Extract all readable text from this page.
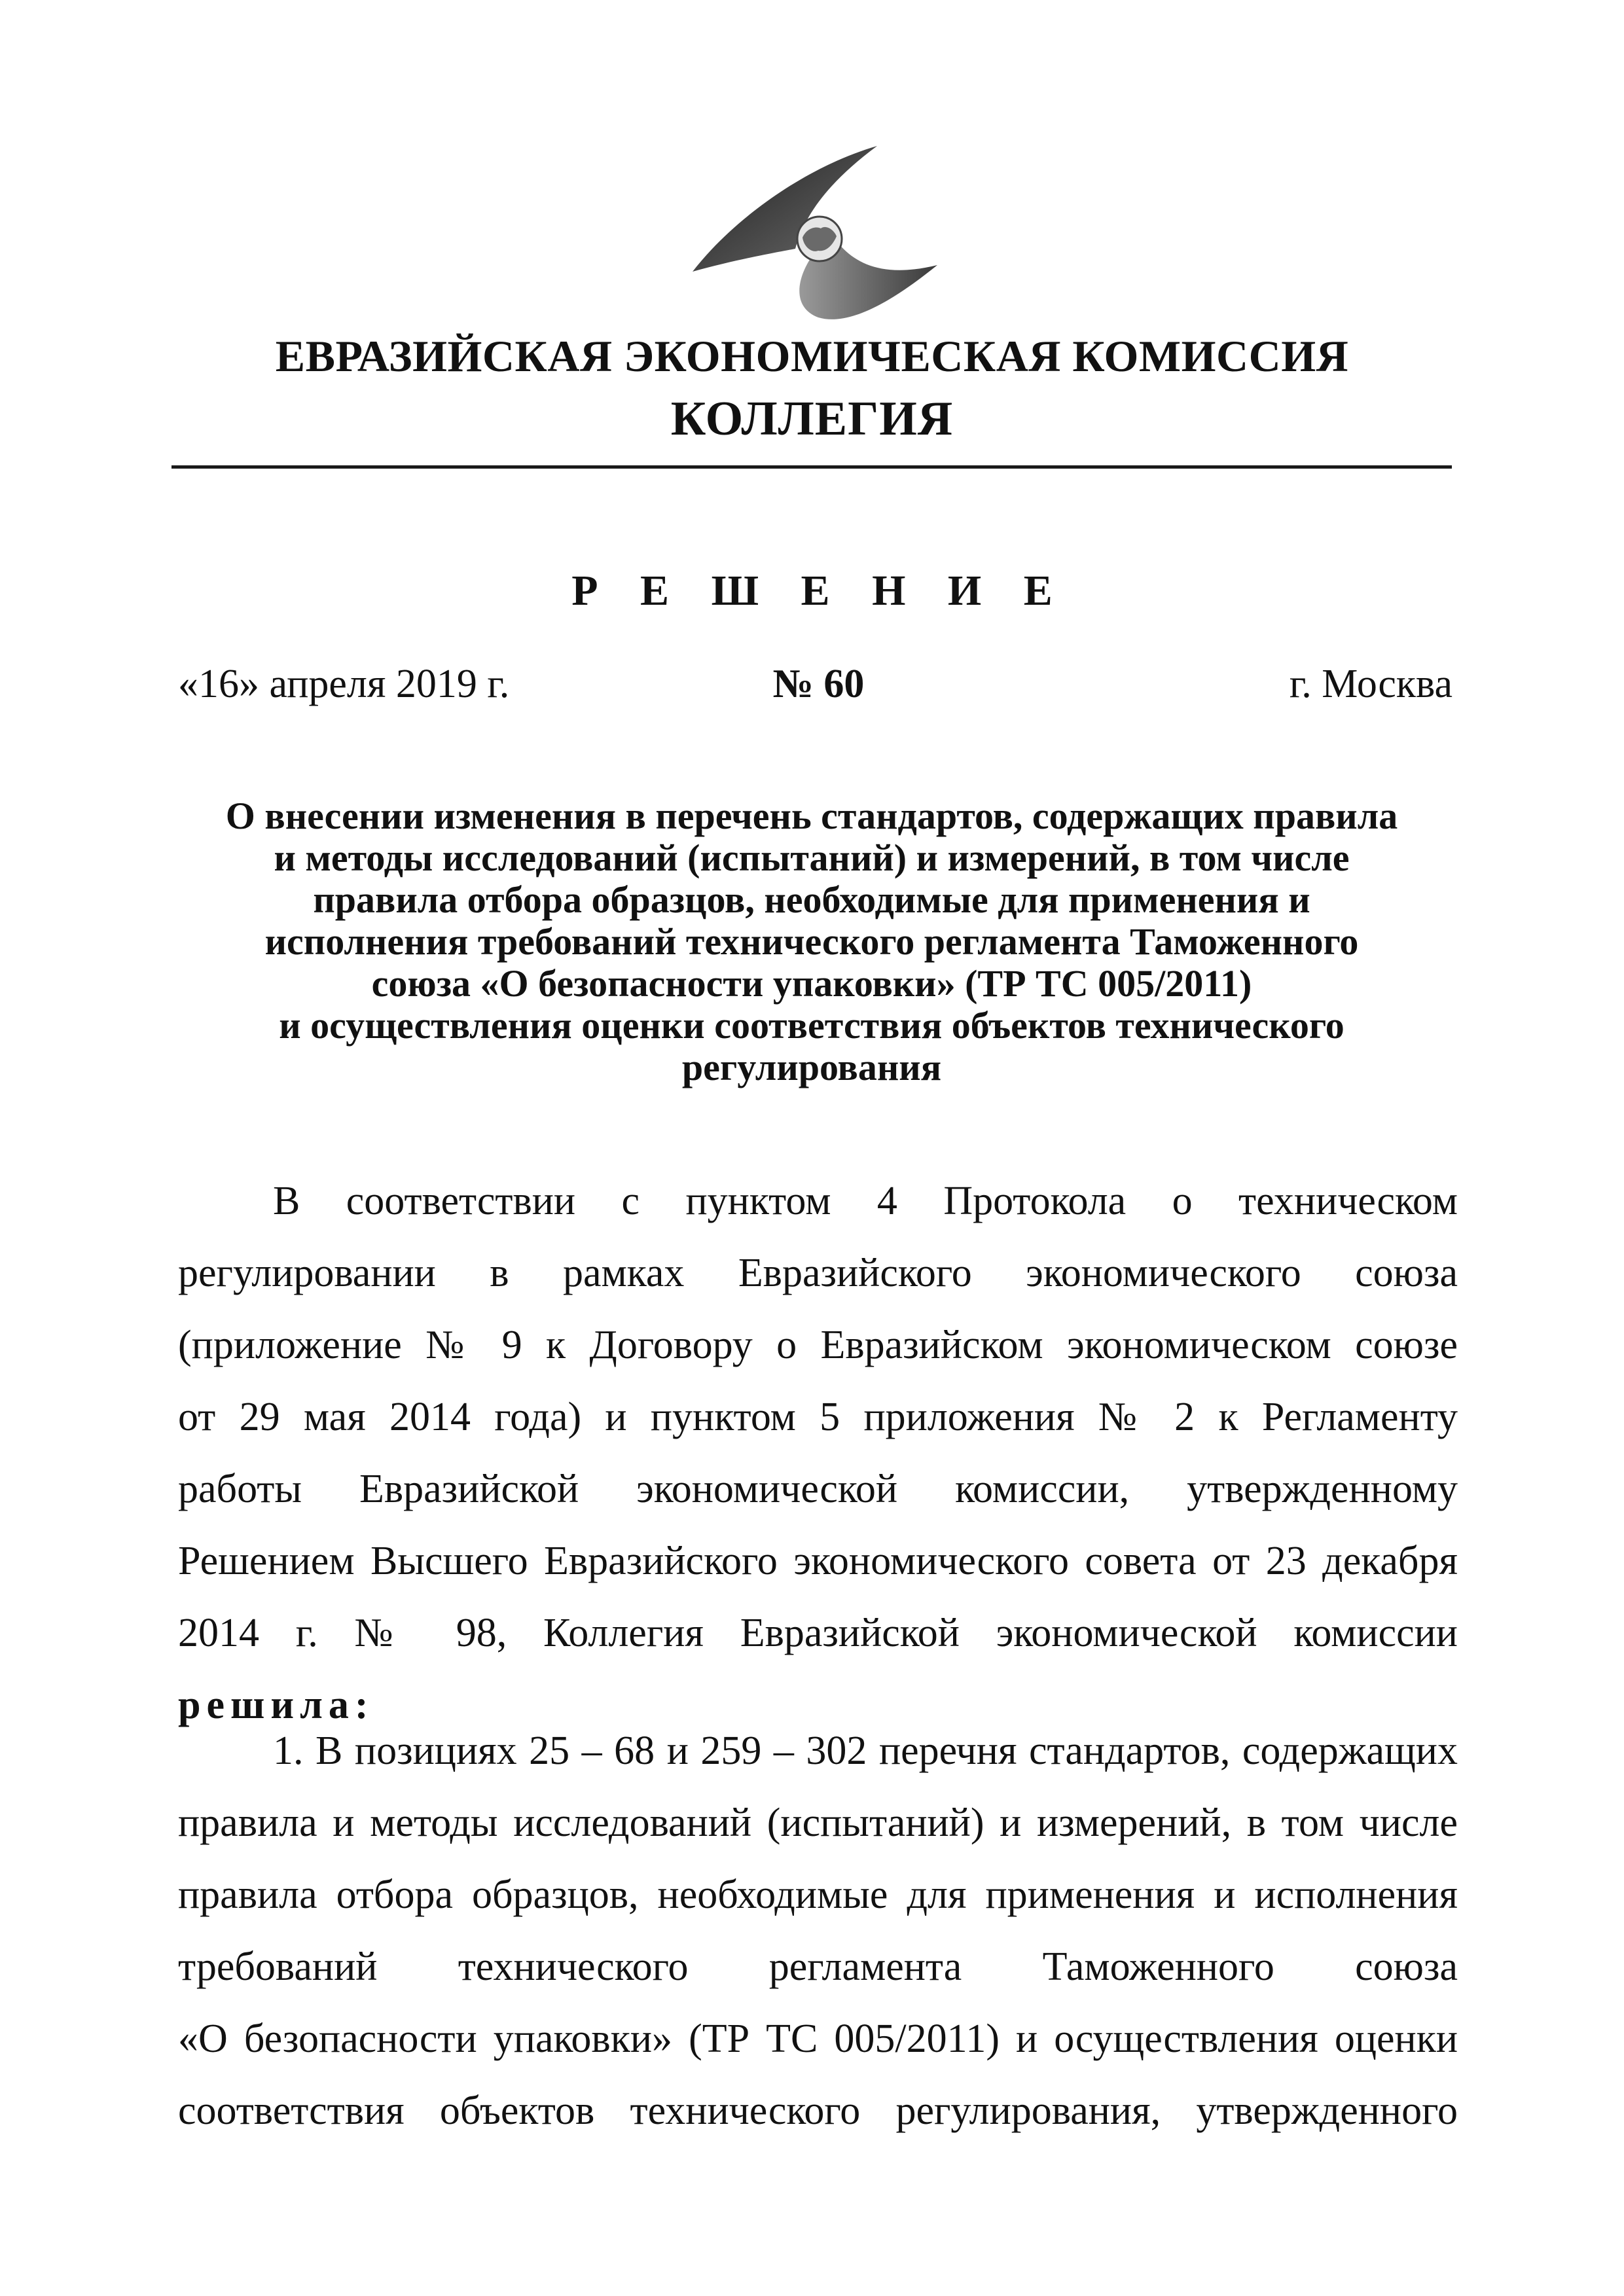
ЕВРАЗИЙСКАЯ ЭКОНОМИЧЕСКАЯ КОМИССИЯ
КОЛЛЕГИЯ
Р Е Ш Е Н И Е
«16» апреля 2019 г.	№ 60	г. Москва
О внесении изменения в перечень стандартов, содержащих правила
и методы исследований (испытаний) и измерений, в том числе
правила отбора образцов, необходимые для применения и
исполнения требований технического регламента Таможенного
союза «О безопасности упаковки» (ТР ТС 005/2011)
и осуществления оценки соответствия объектов технического
регулирования
В соответствии с пунктом 4 Протокола о техническом
регулировании в рамках Евразийского экономического союза
(приложение № 9 к Договору о Евразийском экономическом союзе
от 29 мая 2014 года) и пунктом 5 приложения № 2 к Регламенту
работы Евразийской экономической комиссии, утвержденному
Решением Высшего Евразийского экономического совета от 23 декабря
2014 г. № 98, Коллегия Евразийской экономической комиссии
решила:
1. В позициях 25 – 68 и 259 – 302 перечня стандартов, содержащих
правила и методы исследований (испытаний) и измерений, в том числе
правила отбора образцов, необходимые для применения и исполнения
требований технического регламента Таможенного союза
«О безопасности упаковки» (ТР ТС 005/2011) и осуществления оценки
соответствия объектов технического регулирования, утвержденного
